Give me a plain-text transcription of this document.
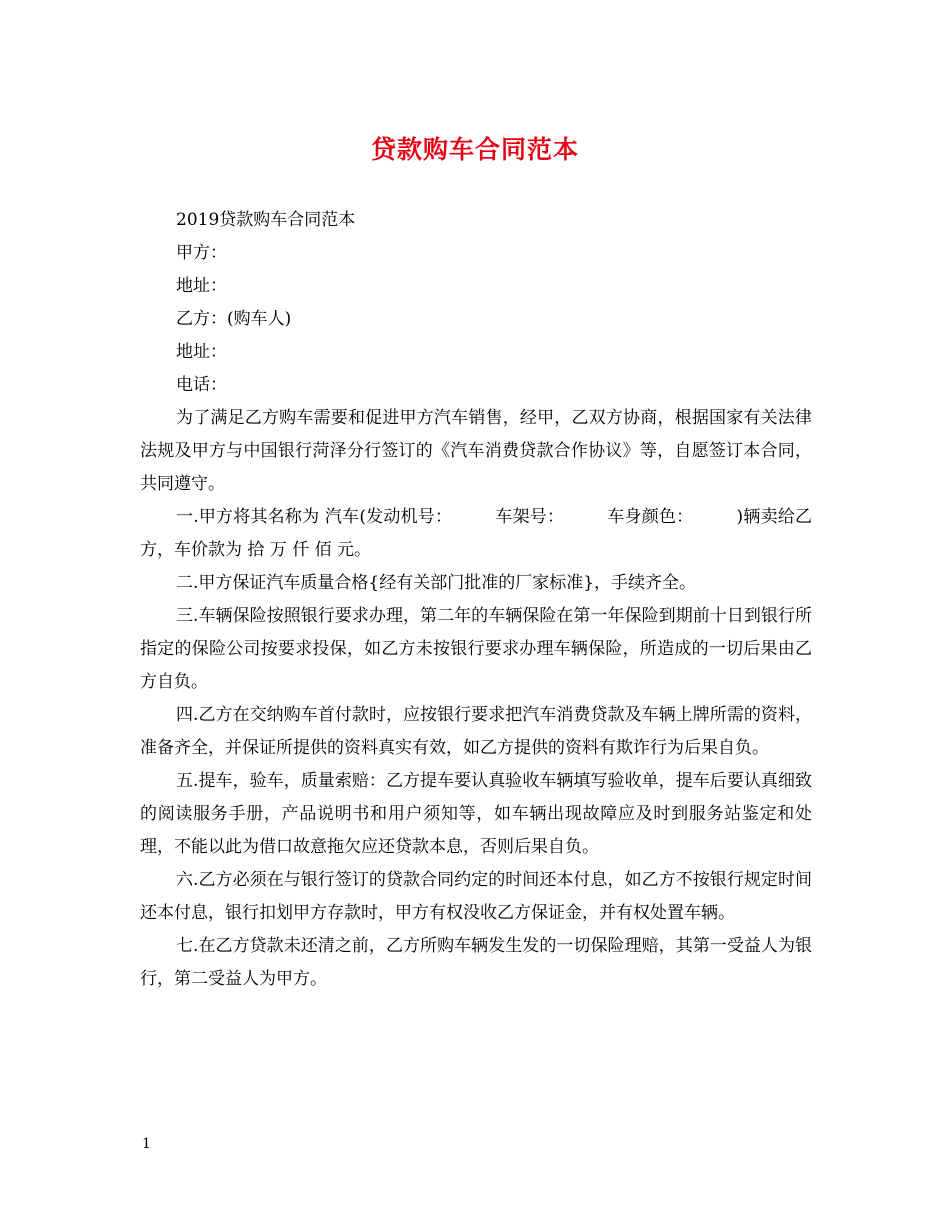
贷款购车合同范本
2019贷款购车合同范本
甲方：
地址：
乙方：(购车人)
地址：
电话：

为了满足乙方购车需要和促进甲方汽车销售，经甲，乙双方协商，根据国家有关法律法规及甲方与中国银行菏泽分行签订的《汽车消费贷款合作协议》等，自愿签订本合同，共同遵守。

一.甲方将其名称为 汽车(发动机号：　　　车架号：　　　车身颜色：　　　)辆卖给乙方，车价款为 拾 万 仟 佰 元。

二.甲方保证汽车质量合格{经有关部门批准的厂家标准}，手续齐全。

三.车辆保险按照银行要求办理，第二年的车辆保险在第一年保险到期前十日到银行所指定的保险公司按要求投保，如乙方未按银行要求办理车辆保险，所造成的一切后果由乙方自负。

四.乙方在交纳购车首付款时，应按银行要求把汽车消费贷款及车辆上牌所需的资料，准备齐全，并保证所提供的资料真实有效，如乙方提供的资料有欺诈行为后果自负。

五.提车，验车，质量索赔：乙方提车要认真验收车辆填写验收单，提车后要认真细致的阅读服务手册，产品说明书和用户须知等，如车辆出现故障应及时到服务站鉴定和处理，不能以此为借口故意拖欠应还贷款本息，否则后果自负。

六.乙方必须在与银行签订的贷款合同约定的时间还本付息，如乙方不按银行规定时间还本付息，银行扣划甲方存款时，甲方有权没收乙方保证金，并有权处置车辆。

七.在乙方贷款未还清之前，乙方所购车辆发生发的一切保险理赔，其第一受益人为银行，第二受益人为甲方。

1
